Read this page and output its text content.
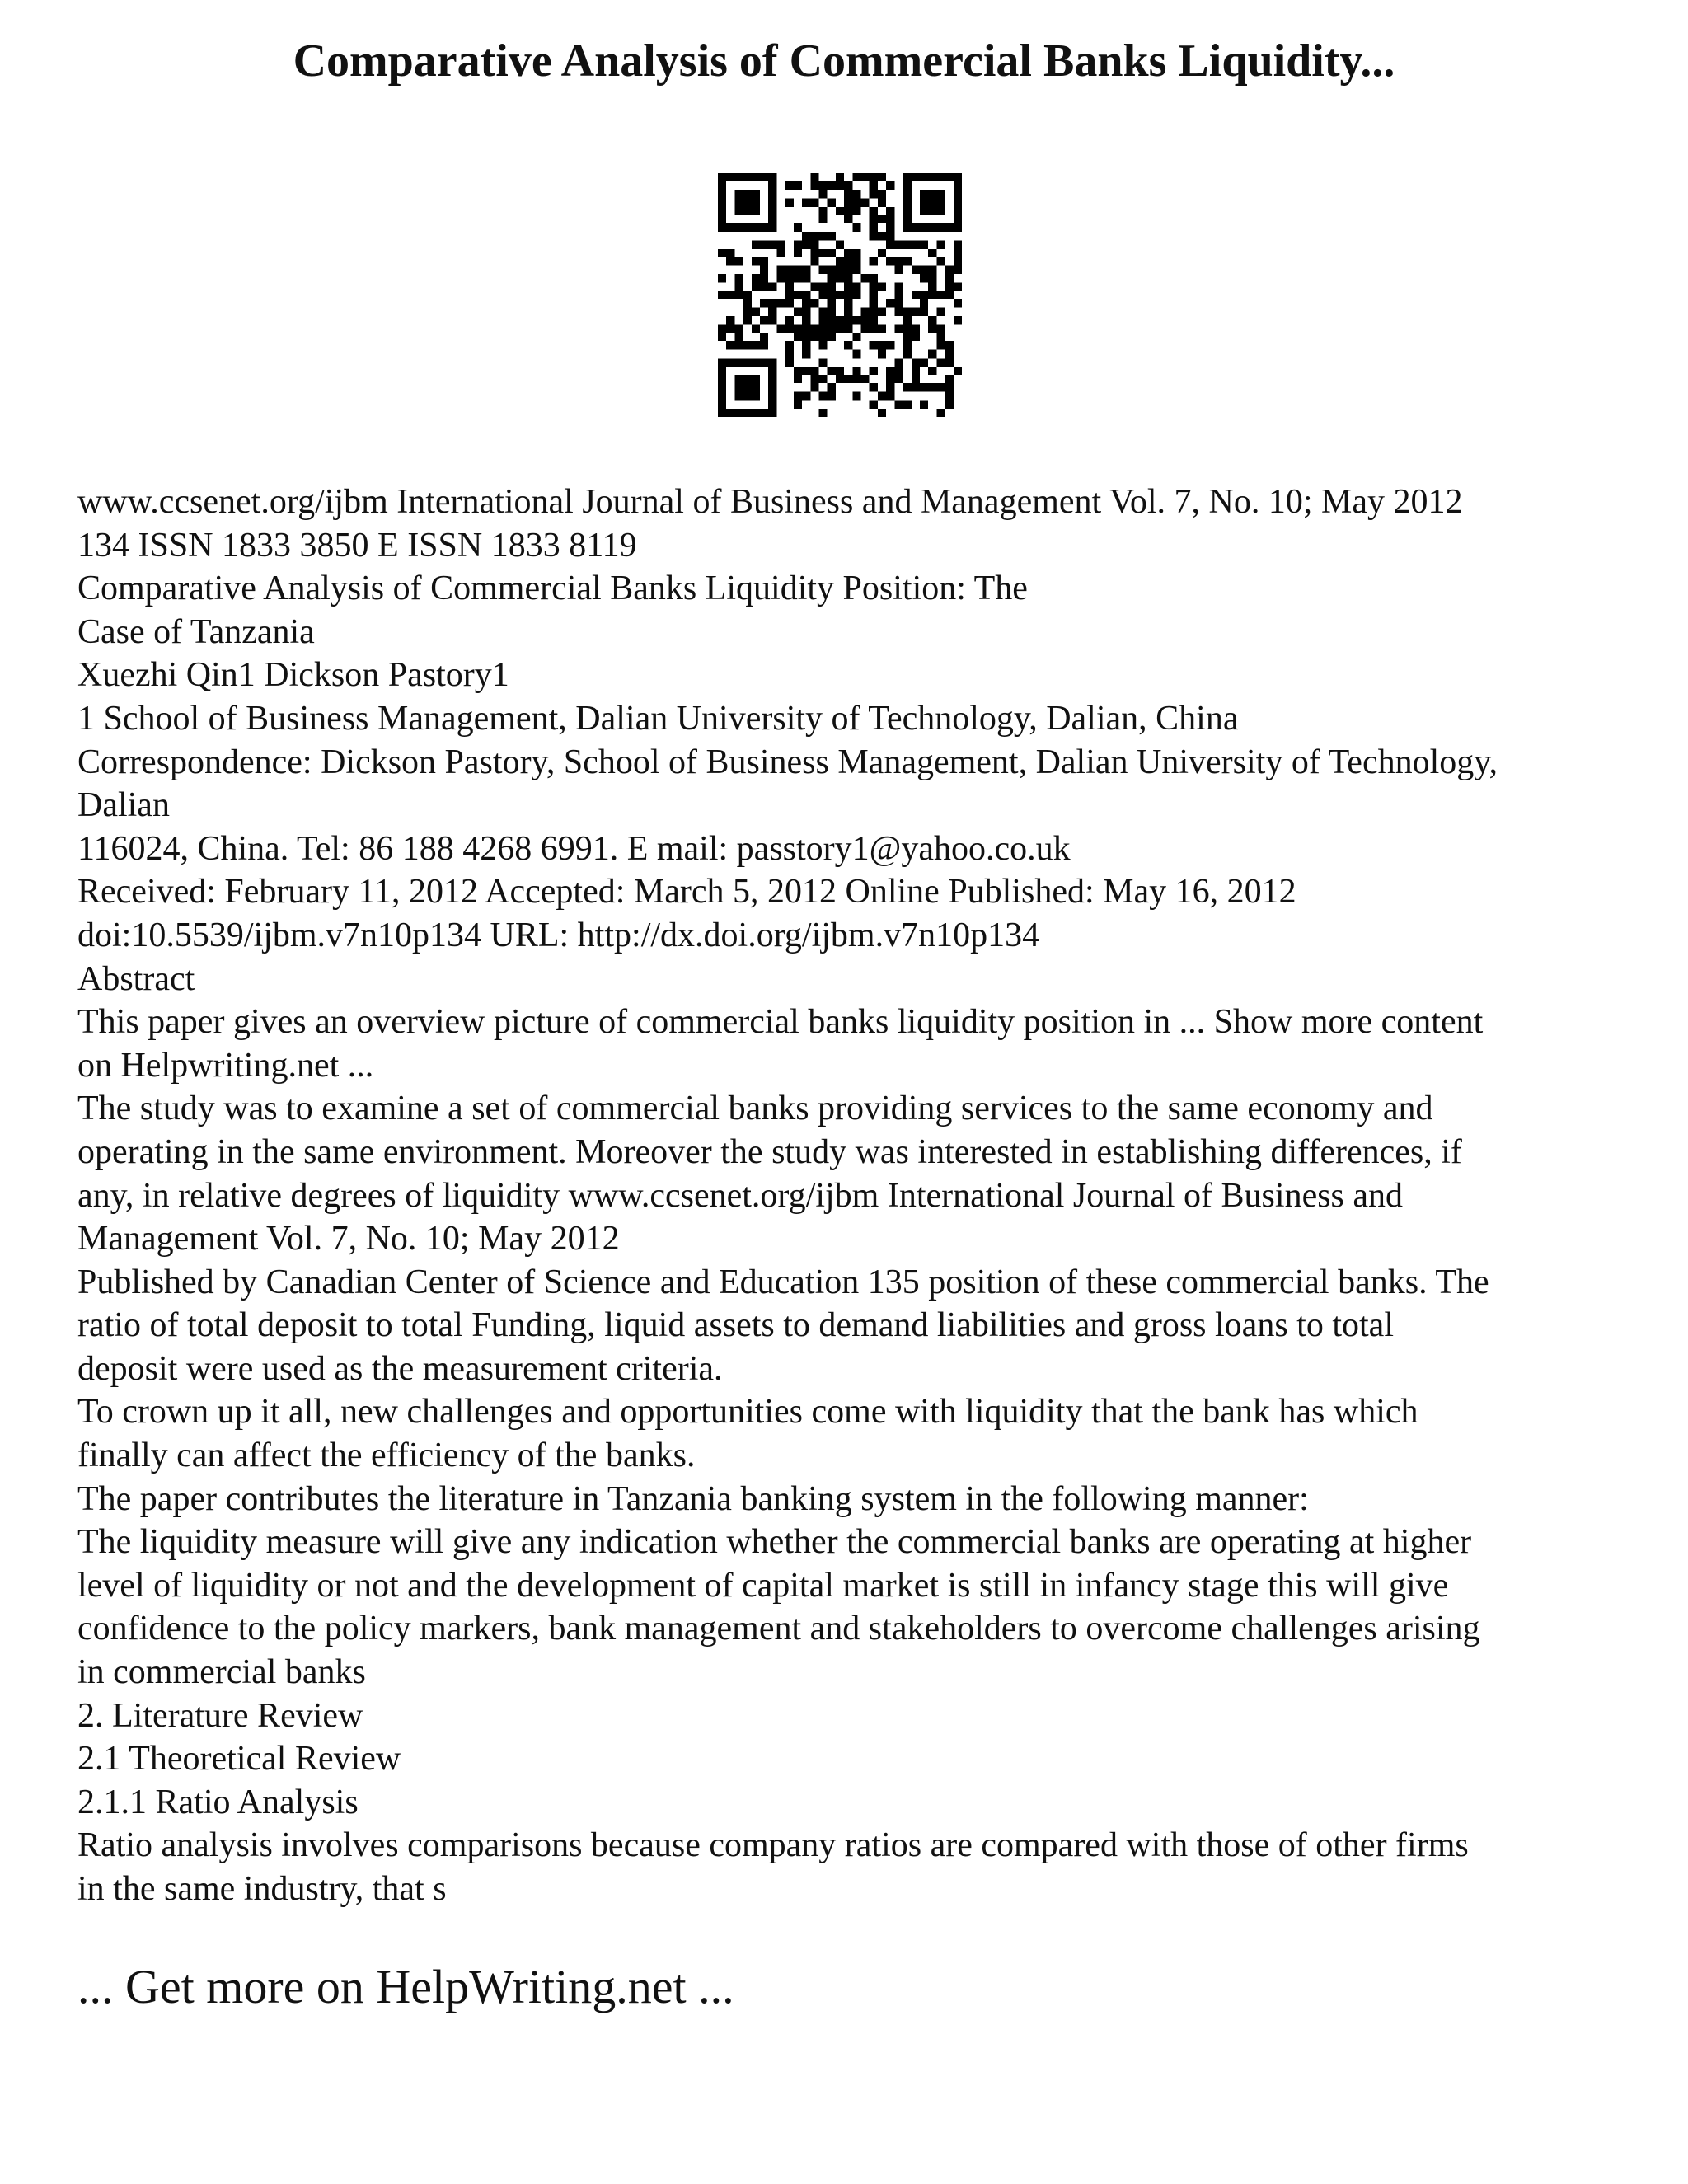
Comparative Analysis of Commercial Banks Liquidity...
www.ccsenet.org/ijbm International Journal of Business and Management Vol. 7, No. 10; May 2012
134 ISSN 1833 3850 E ISSN 1833 8119
Comparative Analysis of Commercial Banks Liquidity Position: The
Case of Tanzania
Xuezhi Qin1 Dickson Pastory1
1 School of Business Management, Dalian University of Technology, Dalian, China
Correspondence: Dickson Pastory, School of Business Management, Dalian University of Technology,
Dalian
116024, China. Tel: 86 188 4268 6991. E mail: passtory1@yahoo.co.uk
Received: February 11, 2012 Accepted: March 5, 2012 Online Published: May 16, 2012
doi:10.5539/ijbm.v7n10p134 URL: http://dx.doi.org/ijbm.v7n10p134
Abstract
This paper gives an overview picture of commercial banks liquidity position in ... Show more content
on Helpwriting.net ...
The study was to examine a set of commercial banks providing services to the same economy and
operating in the same environment. Moreover the study was interested in establishing differences, if
any, in relative degrees of liquidity www.ccsenet.org/ijbm International Journal of Business and
Management Vol. 7, No. 10; May 2012
Published by Canadian Center of Science and Education 135 position of these commercial banks. The
ratio of total deposit to total Funding, liquid assets to demand liabilities and gross loans to total
deposit were used as the measurement criteria.
To crown up it all, new challenges and opportunities come with liquidity that the bank has which
finally can affect the efficiency of the banks.
The paper contributes the literature in Tanzania banking system in the following manner:
The liquidity measure will give any indication whether the commercial banks are operating at higher
level of liquidity or not and the development of capital market is still in infancy stage this will give
confidence to the policy markers, bank management and stakeholders to overcome challenges arising
in commercial banks
2. Literature Review
2.1 Theoretical Review
2.1.1 Ratio Analysis
Ratio analysis involves comparisons because company ratios are compared with those of other firms
in the same industry, that s
... Get more on HelpWriting.net ...
